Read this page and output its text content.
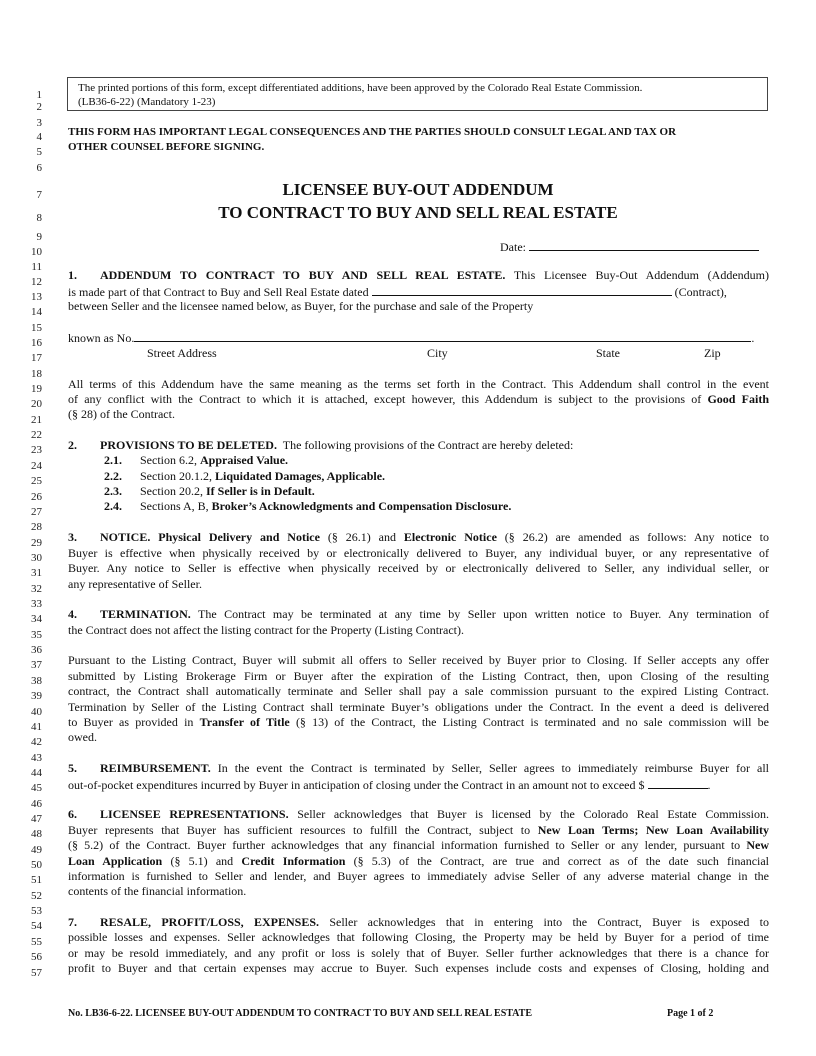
1
2
3
4
5
6
7
8
9
10
11
12
13
14
15
16
17
18
19
20
21
22
23
24
25
26
27
28
29
30
31
32
33
34
35
36
37
38
39
40
41
42
43
44
45
46
47
48
49
50
51
52
53
54
55
56
57
The printed portions of this form, except differentiated additions, have been approved by the Colorado Real Estate Commission.
(LB36-6-22) (Mandatory 1-23)
THIS FORM HAS IMPORTANT LEGAL CONSEQUENCES AND THE PARTIES SHOULD CONSULT LEGAL AND TAX OR
OTHER COUNSEL BEFORE SIGNING.
LICENSEE BUY-OUT ADDENDUM
TO CONTRACT TO BUY AND SELL REAL ESTATE
Date:
1. ADDENDUM TO CONTRACT TO BUY AND SELL REAL ESTATE. This Licensee Buy-Out Addendum (Addendum)
is made part of that Contract to Buy and Sell Real Estate dated	(Contract),
between Seller and the licensee named below, as Buyer, for the purchase and sale of the Property
known as No.	.
Street Address	City	State	Zip
All terms of this Addendum have the same meaning as the terms set forth in the Contract. This Addendum shall control in the event
of any conflict with the Contract to which it is attached, except however, this Addendum is subject to the provisions of Good Faith
(§ 28) of the Contract.
2. PROVISIONS TO BE DELETED. The following provisions of the Contract are hereby deleted:
2.1. Section 6.2, Appraised Value.
2.2. Section 20.1.2, Liquidated Damages, Applicable.
2.3. Section 20.2, If Seller is in Default.
2.4. Sections A, B, Broker’s Acknowledgments and Compensation Disclosure.
3. NOTICE. Physical Delivery and Notice (§ 26.1) and Electronic Notice (§ 26.2) are amended as follows: Any notice to
Buyer is effective when physically received by or electronically delivered to Buyer, any individual buyer, or any representative of
Buyer. Any notice to Seller is effective when physically received by or electronically delivered to Seller, any individual seller, or
any representative of Seller.
4. TERMINATION. The Contract may be terminated at any time by Seller upon written notice to Buyer. Any termination of
the Contract does not affect the listing contract for the Property (Listing Contract).
Pursuant to the Listing Contract, Buyer will submit all offers to Seller received by Buyer prior to Closing. If Seller accepts any offer
submitted by Listing Brokerage Firm or Buyer after the expiration of the Listing Contract, then, upon Closing of the resulting
contract, the Contract shall automatically terminate and Seller shall pay a sale commission pursuant to the expired Listing Contract.
Termination by Seller of the Listing Contract shall terminate Buyer’s obligations under the Contract. In the event a deed is delivered
to Buyer as provided in Transfer of Title (§ 13) of the Contract, the Listing Contract is terminated and no sale commission will be
owed.
5. REIMBURSEMENT. In the event the Contract is terminated by Seller, Seller agrees to immediately reimburse Buyer for all
out-of-pocket expenditures incurred by Buyer in anticipation of closing under the Contract in an amount not to exceed $	.
6. LICENSEE REPRESENTATIONS. Seller acknowledges that Buyer is licensed by the Colorado Real Estate Commission.
Buyer represents that Buyer has sufficient resources to fulfill the Contract, subject to New Loan Terms; New Loan Availability
(§ 5.2) of the Contract. Buyer further acknowledges that any financial information furnished to Seller or any lender, pursuant to New
Loan Application (§ 5.1) and Credit Information (§ 5.3) of the Contract, are true and correct as of the date such financial
information is furnished to Seller and lender, and Buyer agrees to immediately advise Seller of any adverse material change in the
contents of the financial information.
7. RESALE, PROFIT/LOSS, EXPENSES. Seller acknowledges that in entering into the Contract, Buyer is exposed to
possible losses and expenses. Seller acknowledges that following Closing, the Property may be held by Buyer for a period of time
or may be resold immediately, and any profit or loss is solely that of Buyer. Seller further acknowledges that there is a chance for
profit to Buyer and that certain expenses may accrue to Buyer. Such expenses include costs and expenses of Closing, holding and
No. LB36-6-22. LICENSEE BUY-OUT ADDENDUM TO CONTRACT TO BUY AND SELL REAL ESTATE	Page 1 of 2
